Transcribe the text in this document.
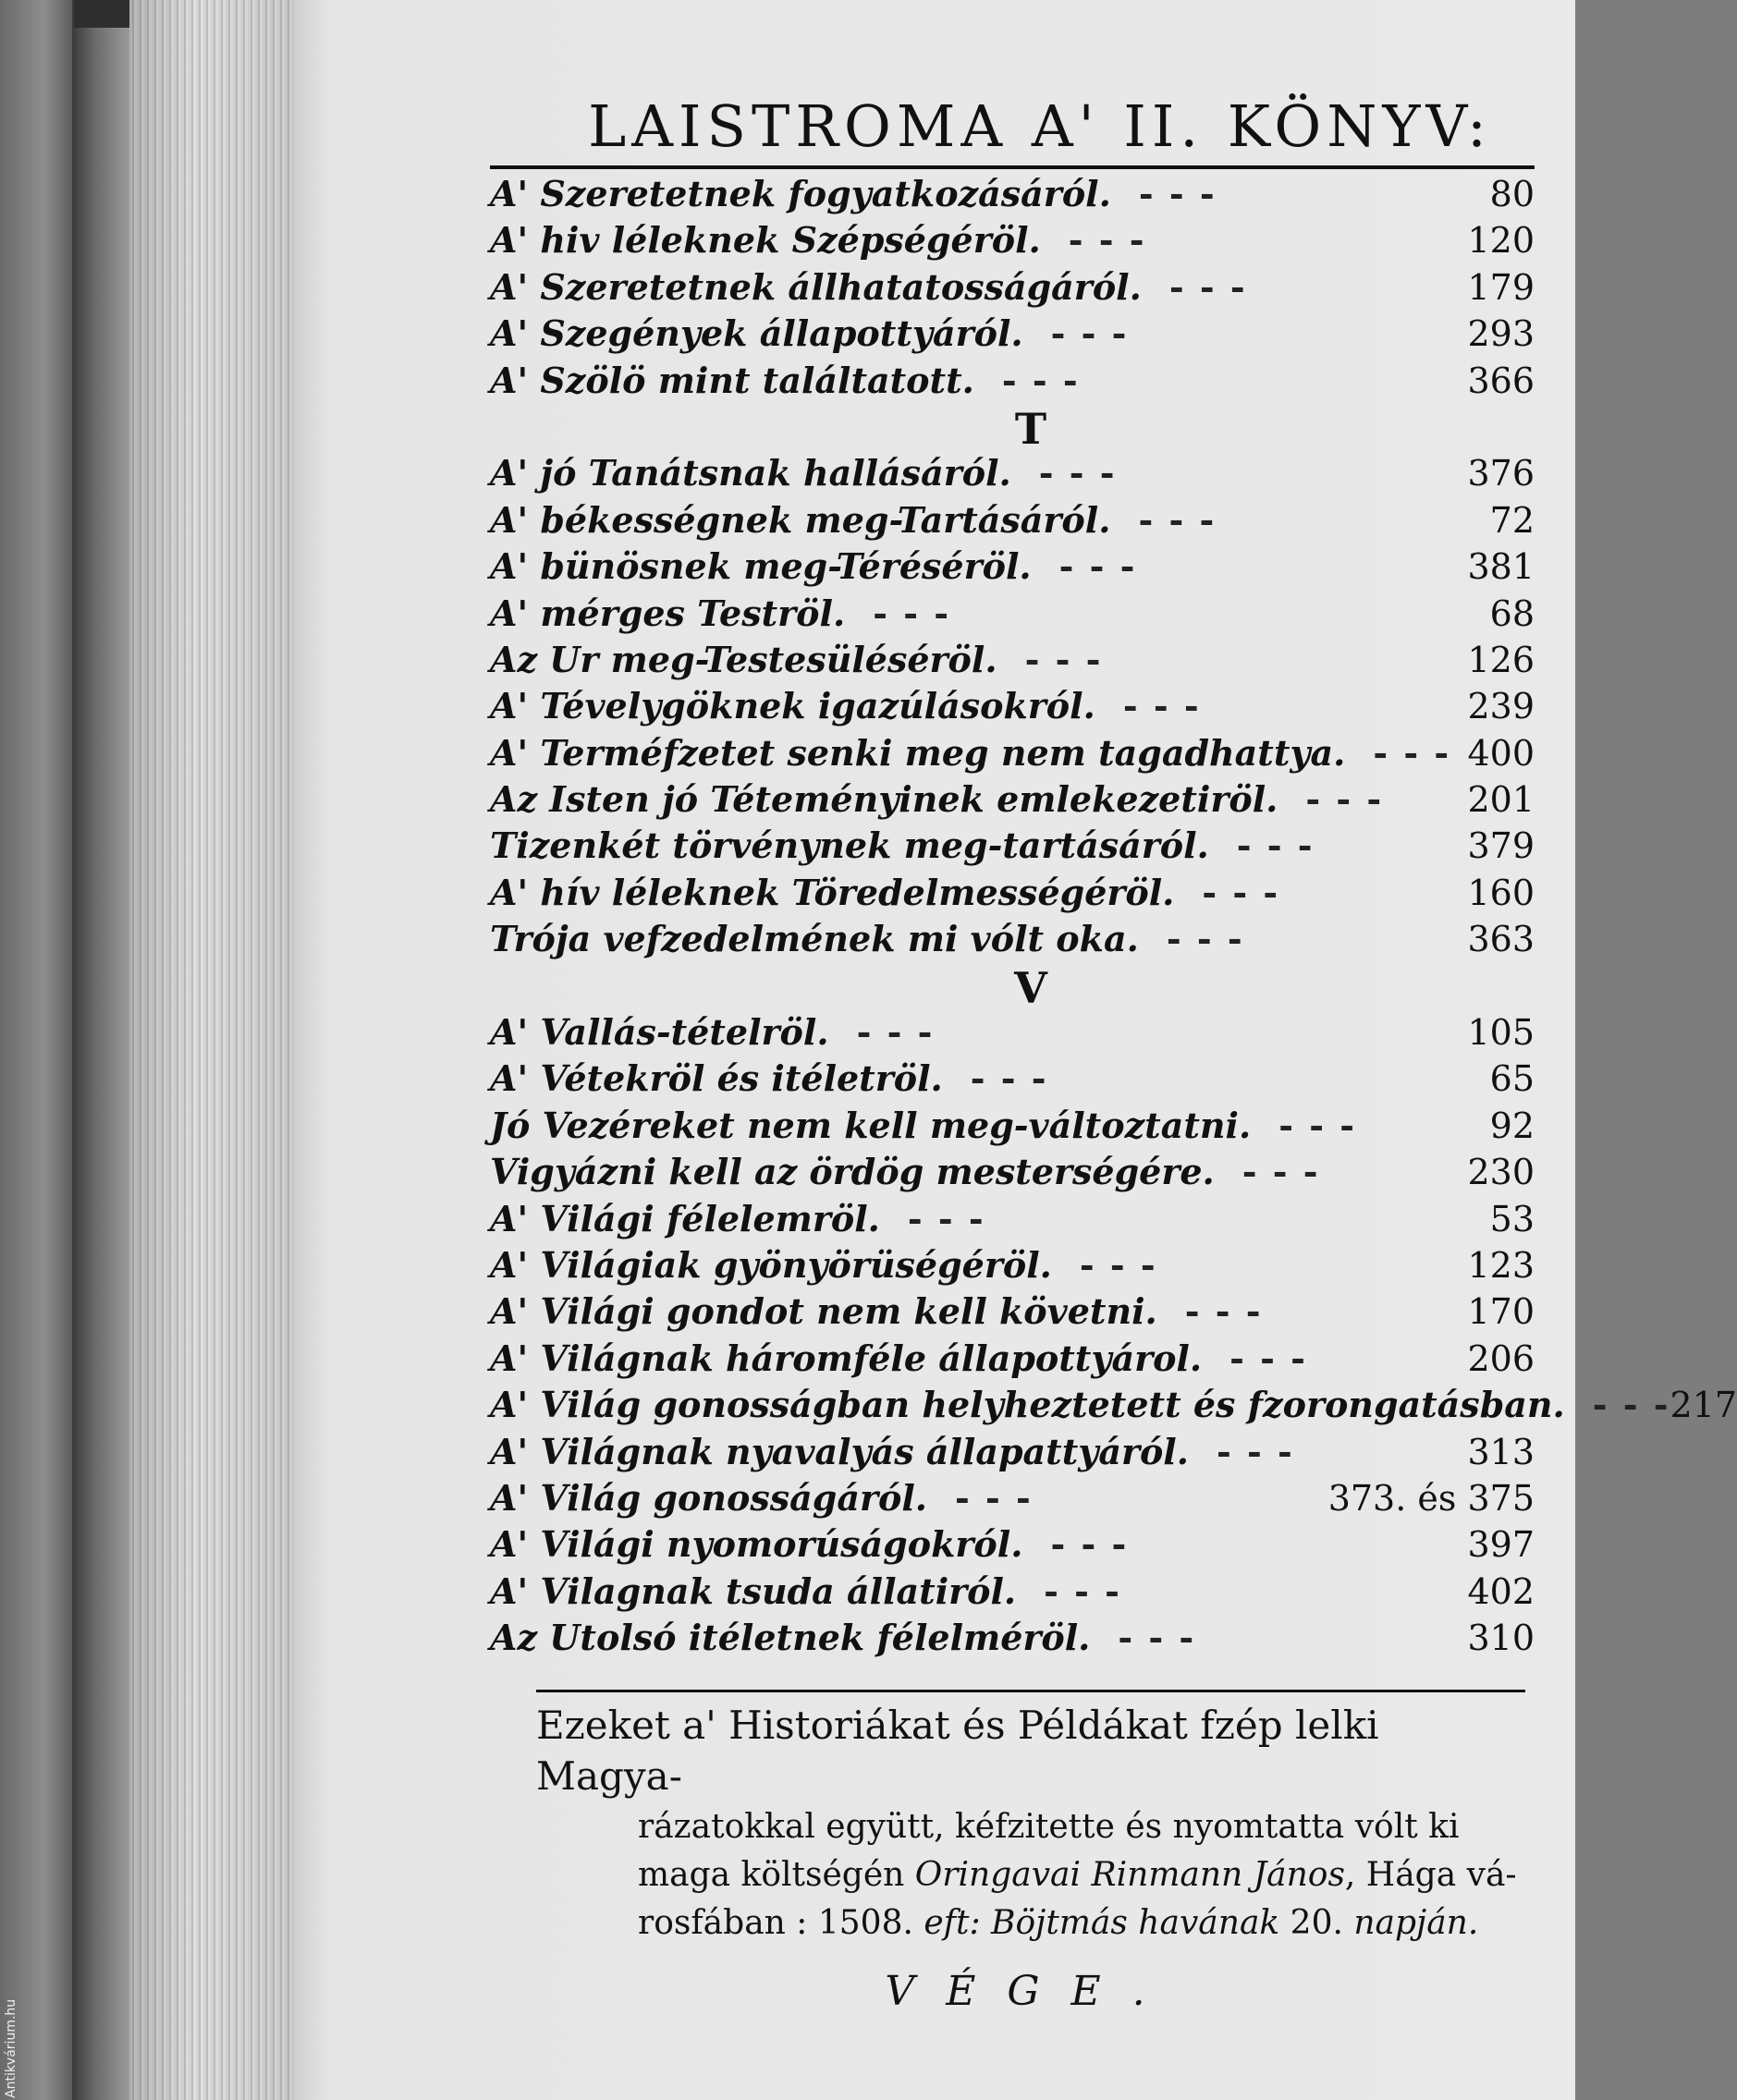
LAISTROMA A' II. KÖNYV:
A' Szeretetnek fogyatkozásáról. - - -	80
A' hiv léleknek Szépségéröl. - - -	120
A' Szeretetnek állhatatosságáról. - - -	179
A' Szegények állapottyáról. - - -	293
A' Szölö mint találtatott. - - -	366
T
A' jó Tanátsnak hallásáról. - - -	376
A' békességnek meg-Tartásáról. - - -	72
A' bünösnek meg-Téréséröl. - - -	381
A' mérges Teströl. - - -	68
Az Ur meg-Testesüléséröl. - - -	126
A' Tévelygöknek igazúlásokról. - - -	239
A' Terméfzetet senki meg nem tagadhattya. - - - 400
Az Isten jó Téteményinek emlekezetiröl. - - -	201
Tizenkét törvénynek meg-tartásáról. - - -	379
A' hív léleknek Töredelmességéröl. - - -	160
Trója vefzedelmének mi vólt oka. - - -	363
V
A' Vallás-tételröl. - - -	105
A' Vétekröl és itéletröl. - - -	65
Jó Vezéreket nem kell meg-változtatni. - - -	92
Vigyázni kell az ördög mesterségére. - - -	230
A' Világi félelemröl. - - -	53
A' Világiak gyönyörüségéröl. - - -	123
A' Világi gondot nem kell követni. - - -	170
A' Világnak háromféle állapottyárol. - - -	206
A' Világ gonosságban helyheztetett és fzorongatásban. - - - 217
A' Világnak nyavalyás állapattyáról. - - -	313
A' Világ gonosságáról. - - -	373. és 375
A' Világi nyomorúságokról. - - -	397
A' Vilagnak tsuda állatiról. - - -	402
Az Utolsó itéletnek félelméröl. - - -	310
Ezeket a' Historiákat és Példákat fzép lelki Magya-
rázatokkal együtt, kéfzitette és nyomtatta vólt ki
maga költségén Oringavai Rinmann János, Hága vá-
rosfában : 1508. eft: Böjtmás havának 20. napján.
VÉGE.
Antikvárium.hu
